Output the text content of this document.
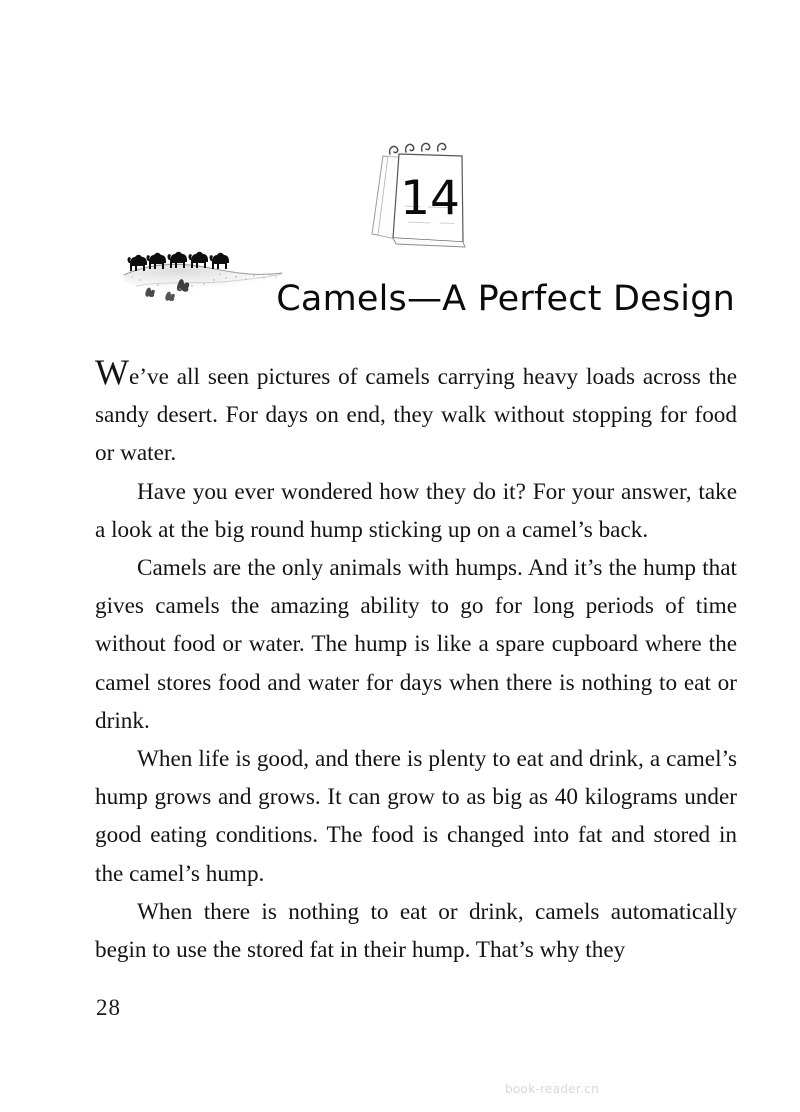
14
Camels—A Perfect Design

We’ve all seen pictures of camels carrying heavy loads across the sandy desert. For days on end, they walk without stopping for food or water.

Have you ever wondered how they do it? For your answer, take a look at the big round hump sticking up on a camel’s back.

Camels are the only animals with humps. And it’s the hump that gives camels the amazing ability to go for long periods of time without food or water. The hump is like a spare cupboard where the camel stores food and water for days when there is nothing to eat or drink.

When life is good, and there is plenty to eat and drink, a camel’s hump grows and grows. It can grow to as big as 40 kilograms under good eating conditions. The food is changed into fat and stored in the camel’s hump.

When there is nothing to eat or drink, camels automatically begin to use the stored fat in their hump. That’s why they

28
book-reader.cn
